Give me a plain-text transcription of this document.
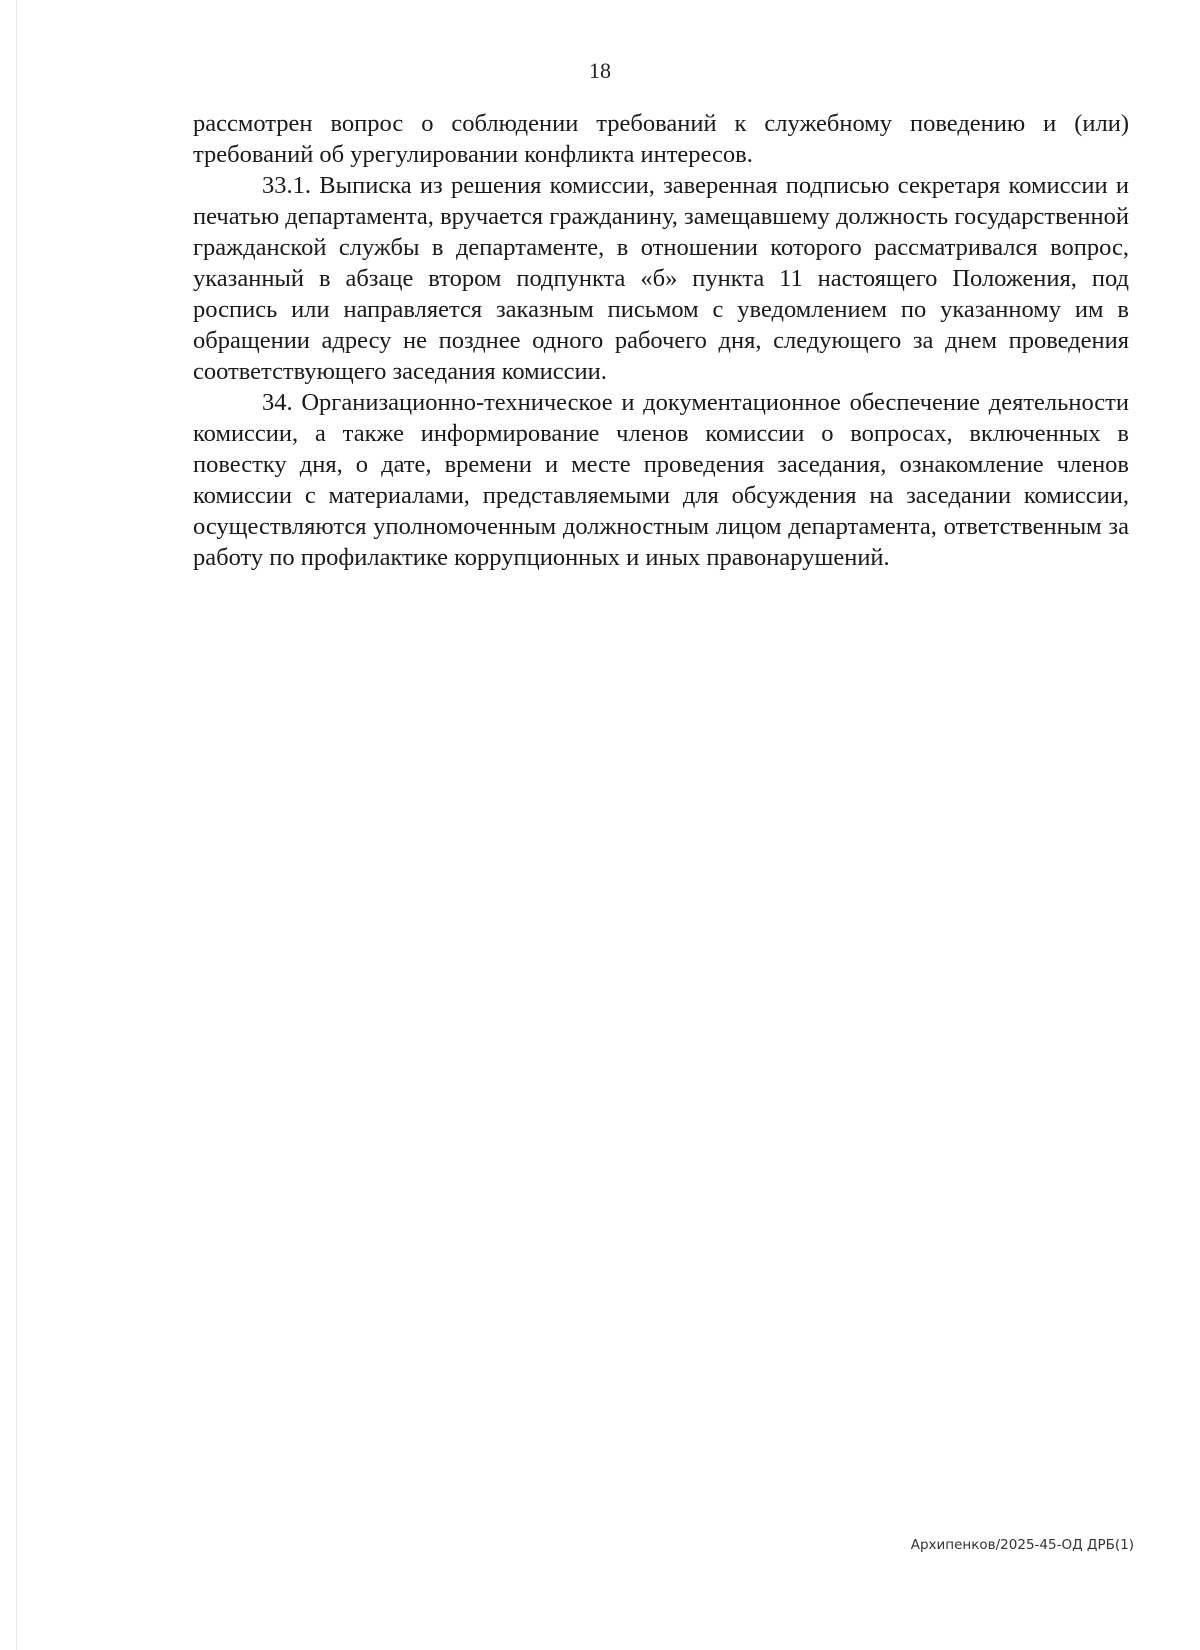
18

рассмотрен вопрос о соблюдении требований к служебному поведению и (или) требований об урегулировании конфликта интересов.

33.1. Выписка из решения комиссии, заверенная подписью секретаря комиссии и печатью департамента, вручается гражданину, замещавшему должность государственной гражданской службы в департаменте, в отношении которого рассматривался вопрос, указанный в абзаце втором подпункта «б» пункта 11 настоящего Положения, под роспись или направляется заказным письмом с уведомлением по указанному им в обращении адресу не позднее одного рабочего дня, следующего за днем проведения соответствующего заседания комиссии.

34. Организационно-техническое и документационное обеспечение деятельности комиссии, а также информирование членов комиссии о вопросах, включенных в повестку дня, о дате, времени и месте проведения заседания, ознакомление членов комиссии с материалами, представляемыми для обсуждения на заседании комиссии, осуществляются уполномоченным должностным лицом департамента, ответственным за работу по профилактике коррупционных и иных правонарушений.

Архипенков/2025-45-ОД ДРБ(1)
